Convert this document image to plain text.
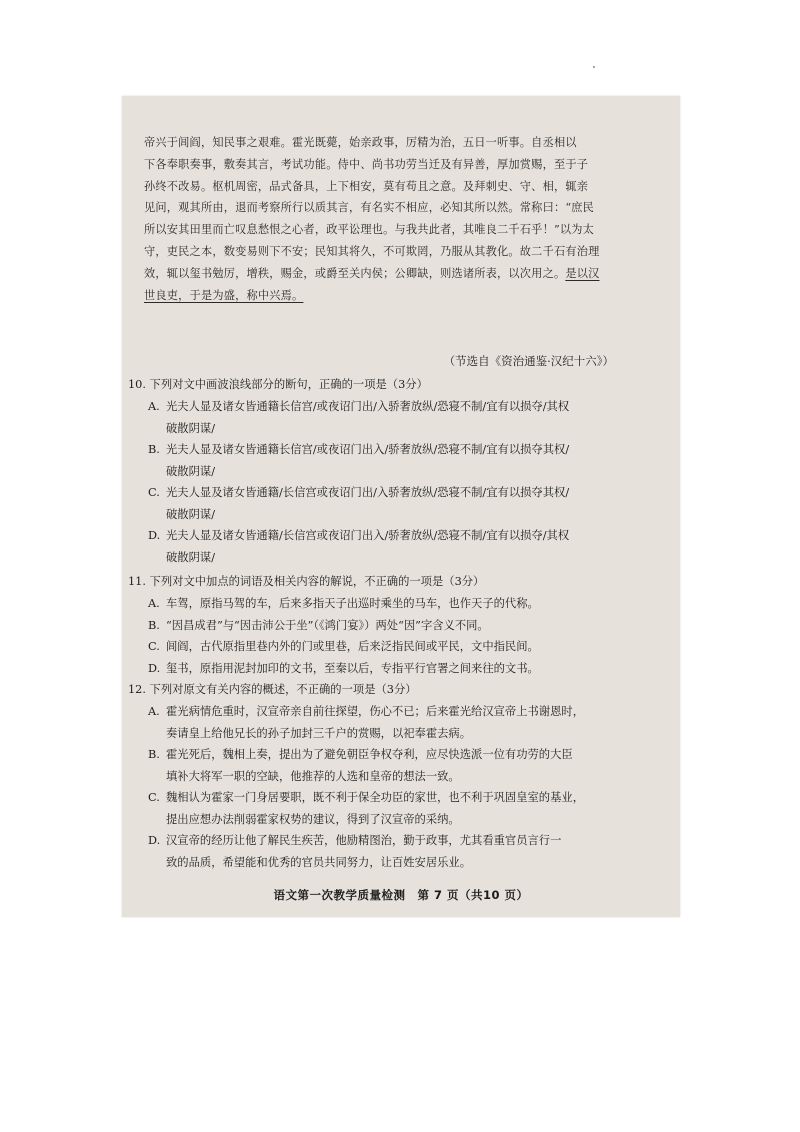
帝兴于闾阎，知民事之艰难。霍光既薨，始亲政事，厉精为治，五日一听事。自丞相以

下各奉职奏事，敷奏其言，考试功能。侍中、尚书功劳当迁及有异善，厚加赏赐，至于子

孙终不改易。枢机周密，品式备具，上下相安，莫有苟且之意。及拜刺史、守、相，辄亲

见问，观其所由，退而考察所行以质其言，有名实不相应，必知其所以然。常称曰：“庶民

所以安其田里而亡叹息愁恨之心者，政平讼理也。与我共此者，其唯良二千石乎！”以为太

守，吏民之本，数变易则下不安；民知其将久，不可欺罔，乃服从其教化。故二千石有治理

效，辄以玺书勉厉，增秩，赐金，或爵至关内侯；公卿缺，则选诸所表，以次用之。是以汉

世良吏，于是为盛，称中兴焉。

（节选自《资治通鉴·汉纪十六》）
10. 下列对文中画波浪线部分的断句，正确的一项是（3分）
A. 光夫人显及诸女皆通籍长信宫/或夜诏门出/入骄奢放纵/恐寝不制/宜有以损夺/其权
破散阴谋/
B. 光夫人显及诸女皆通籍长信宫/或夜诏门出入/骄奢放纵/恐寝不制/宜有以损夺其权/
破散阴谋/
C. 光夫人显及诸女皆通籍/长信宫或夜诏门出/入骄奢放纵/恐寝不制/宜有以损夺其权/
破散阴谋/
D. 光夫人显及诸女皆通籍/长信宫或夜诏门出入/骄奢放纵/恐寝不制/宜有以损夺/其权
破散阴谋/
11. 下列对文中加点的词语及相关内容的解说，不正确的一项是（3分）
A. 车驾，原指马驾的车，后来多指天子出巡时乘坐的马车，也作天子的代称。
B. “因昌成君”与“因击沛公于坐”（《鸿门宴》）两处“因”字含义不同。
C. 闾阎，古代原指里巷内外的门或里巷，后来泛指民间或平民，文中指民间。
D. 玺书，原指用泥封加印的文书，至秦以后，专指平行官署之间来往的文书。
12. 下列对原文有关内容的概述，不正确的一项是（3分）
A. 霍光病情危重时，汉宣帝亲自前往探望，伤心不已；后来霍光给汉宣帝上书谢恩时，
奏请皇上给他兄长的孙子加封三千户的赏赐，以祀奉霍去病。
B. 霍光死后，魏相上奏，提出为了避免朝臣争权夺利，应尽快选派一位有功劳的大臣
填补大将军一职的空缺，他推荐的人选和皇帝的想法一致。
C. 魏相认为霍家一门身居要职，既不利于保全功臣的家世，也不利于巩固皇室的基业，
提出应想办法削弱霍家权势的建议，得到了汉宣帝的采纳。
D. 汉宣帝的经历让他了解民生疾苦，他励精图治，勤于政事，尤其看重官员言行一
致的品质，希望能和优秀的官员共同努力，让百姓安居乐业。
语文第一次教学质量检测　第 7 页（共10 页）
